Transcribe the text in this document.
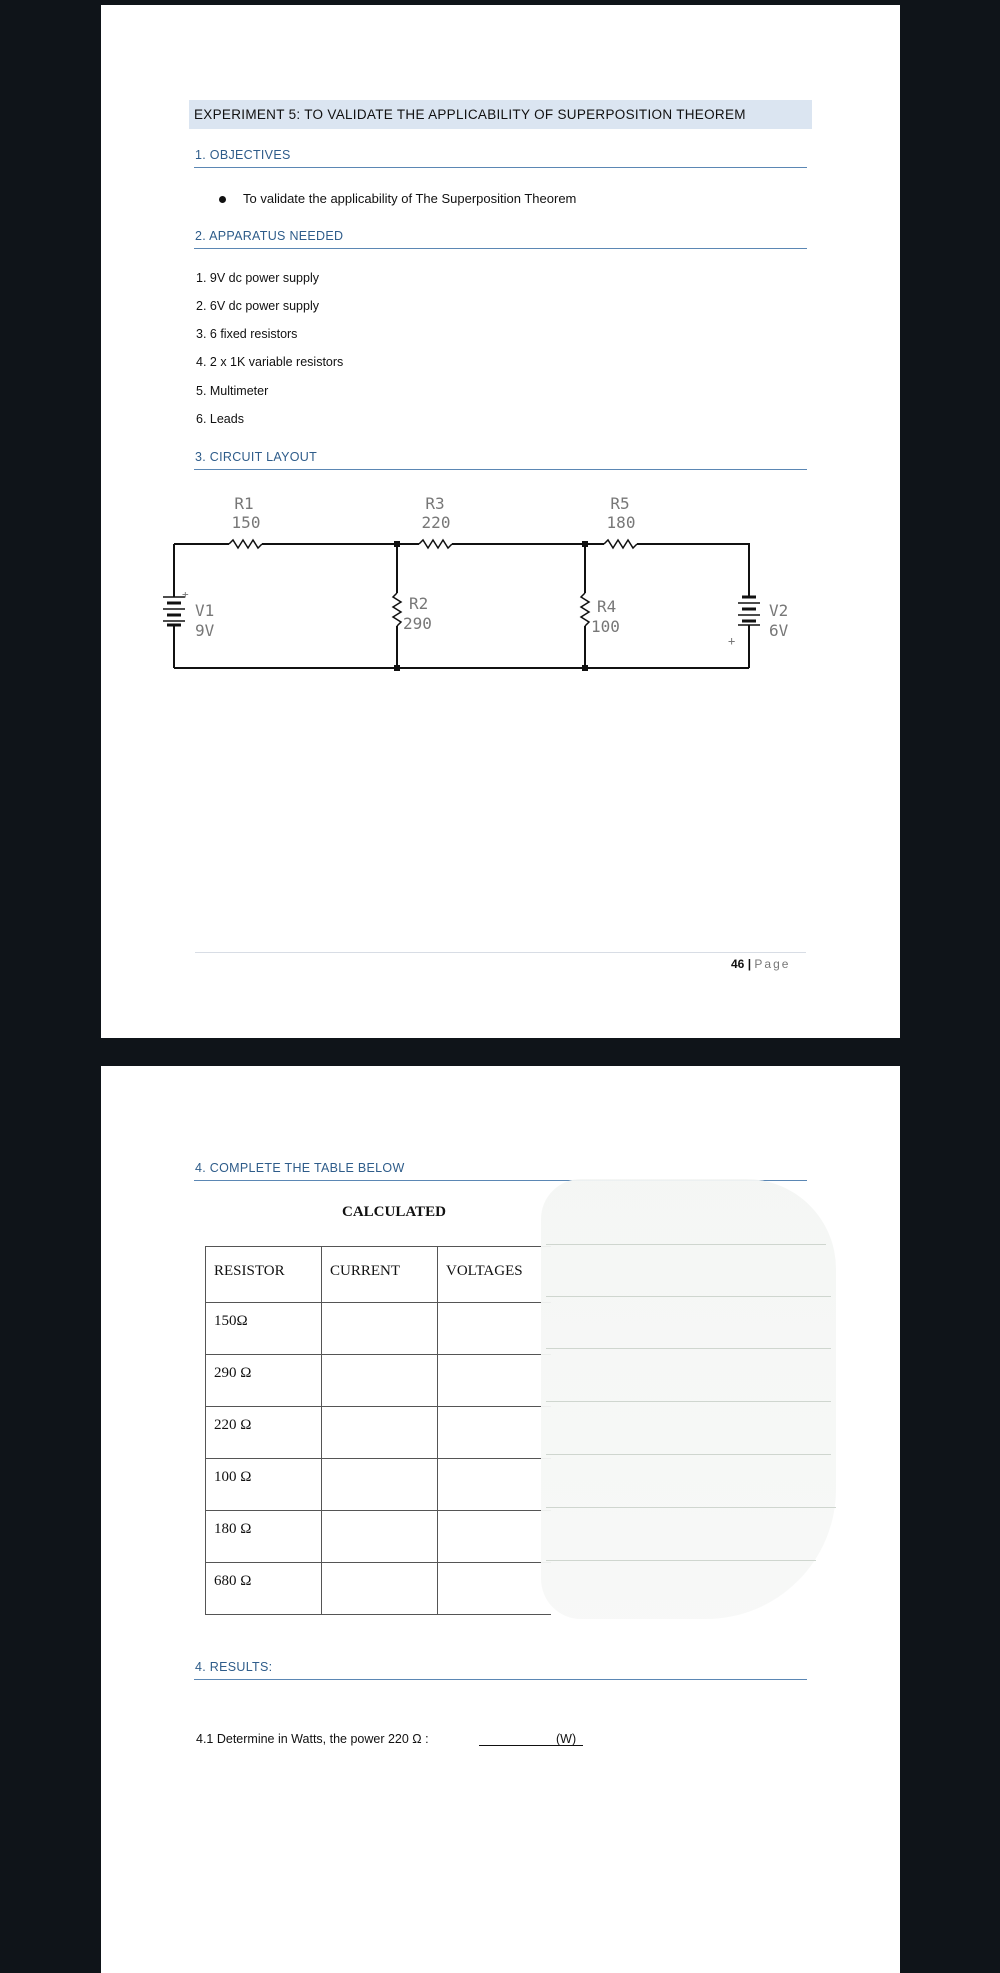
EXPERIMENT 5: TO VALIDATE THE APPLICABILITY OF SUPERPOSITION THEOREM
1. OBJECTIVES
To validate the applicability of The Superposition Theorem
2. APPARATUS NEEDED
1. 9V dc power supply
2. 6V dc power supply
3. 6 fixed resistors
4. 2 x 1K variable resistors
5. Multimeter
6. Leads
3. CIRCUIT LAYOUT
R1
150
R3
220
R5
180
R2
290
R4
100
V1
9V
V2
6V
+
+
46 | Page
4. COMPLETE THE TABLE BELOW
CALCULATED
RESISTOR	CURRENT	VOLTAGES	
150Ω			
290 Ω			
220 Ω			
100 Ω			
180 Ω			
680 Ω			
4. RESULTS:
4.1 Determine in Watts, the power 220 Ω :	(W)
